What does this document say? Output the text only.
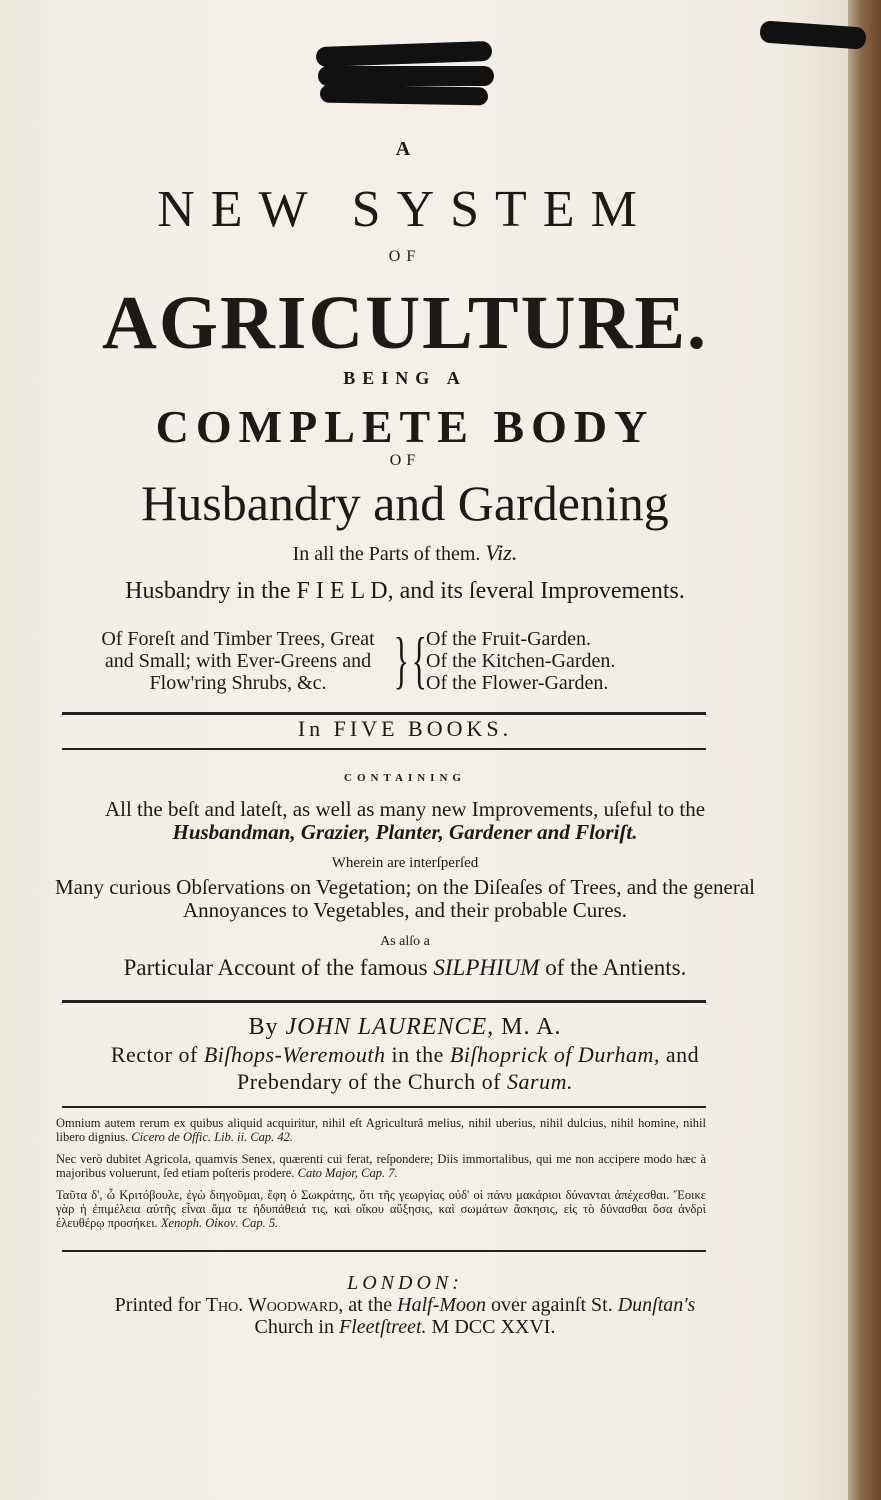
A
NEW SYSTEM
OF
AGRICULTURE.
BEING A
COMPLETE BODY
OF
Husbandry and Gardening
In all the Parts of them. Viz.
Husbandry in the F I E L D, and its ſeveral Improvements.
Of Foreſt and Timber Trees, Great
and Small; with Ever-Greens and
Flow'ring Shrubs, &c.	} {
Of the Fruit-Garden.
Of the Kitchen-Garden.
Of the Flower-Garden.
In FIVE BOOKS.
CONTAINING
All the beſt and lateſt, as well as many new Improvements, uſeful to the
Husbandman, Grazier, Planter, Gardener and Floriſt.
Wherein are interſperſed
Many curious Obſervations on Vegetation; on the Diſeaſes of Trees, and the general Annoyances to Vegetables, and their probable Cures.
As alſo a
Particular Account of the famous SILPHIUM of the Antients.
By JOHN LAURENCE, M. A.
Rector of Biſhops-Weremouth in the Biſhoprick of Durham, and
Prebendary of the Church of Sarum.
Omnium autem rerum ex quibus aliquid acquiritur, nihil eſt Agriculturâ melius, nihil uberius, nihil dulcius, nihil homine, nihil libero dignius. Cicero de Offic. Lib. ii. Cap. 42.
Nec verò dubitet Agricola, quamvis Senex, quærenti cui ferat, reſpondere; Diis immortalibus, qui me non accipere modo hæc à majoribus voluerunt, ſed etiam poſteris prodere. Cato Major, Cap. 7.
Ταῦτα δ', ὦ Κριτόβουλε, ἐγὼ διηγοῦμαι, ἔφη ὁ Σωκράτης, ὅτι τῆς γεωργίας οὐδ' οἱ πάνυ μακάριοι δύνανται ἀπέχεσθαι. Ἔοικε γὰρ ἡ ἐπιμέλεια αὐτῆς εἶναι ἅμα τε ἡδυπάθειά τις, καὶ οἴκου αὔξησις, καὶ σωμάτων ἄσκησις, εἰς τὸ δύνασθαι ὅσα ἀνδρὶ ἐλευθέρῳ προσήκει. Xenoph. Οἰκον. Cap. 5.
LONDON:
Printed for Tho. Woodward, at the Half-Moon over againſt St. Dunſtan's
Church in Fleetſtreet. M DCC XXVI.
